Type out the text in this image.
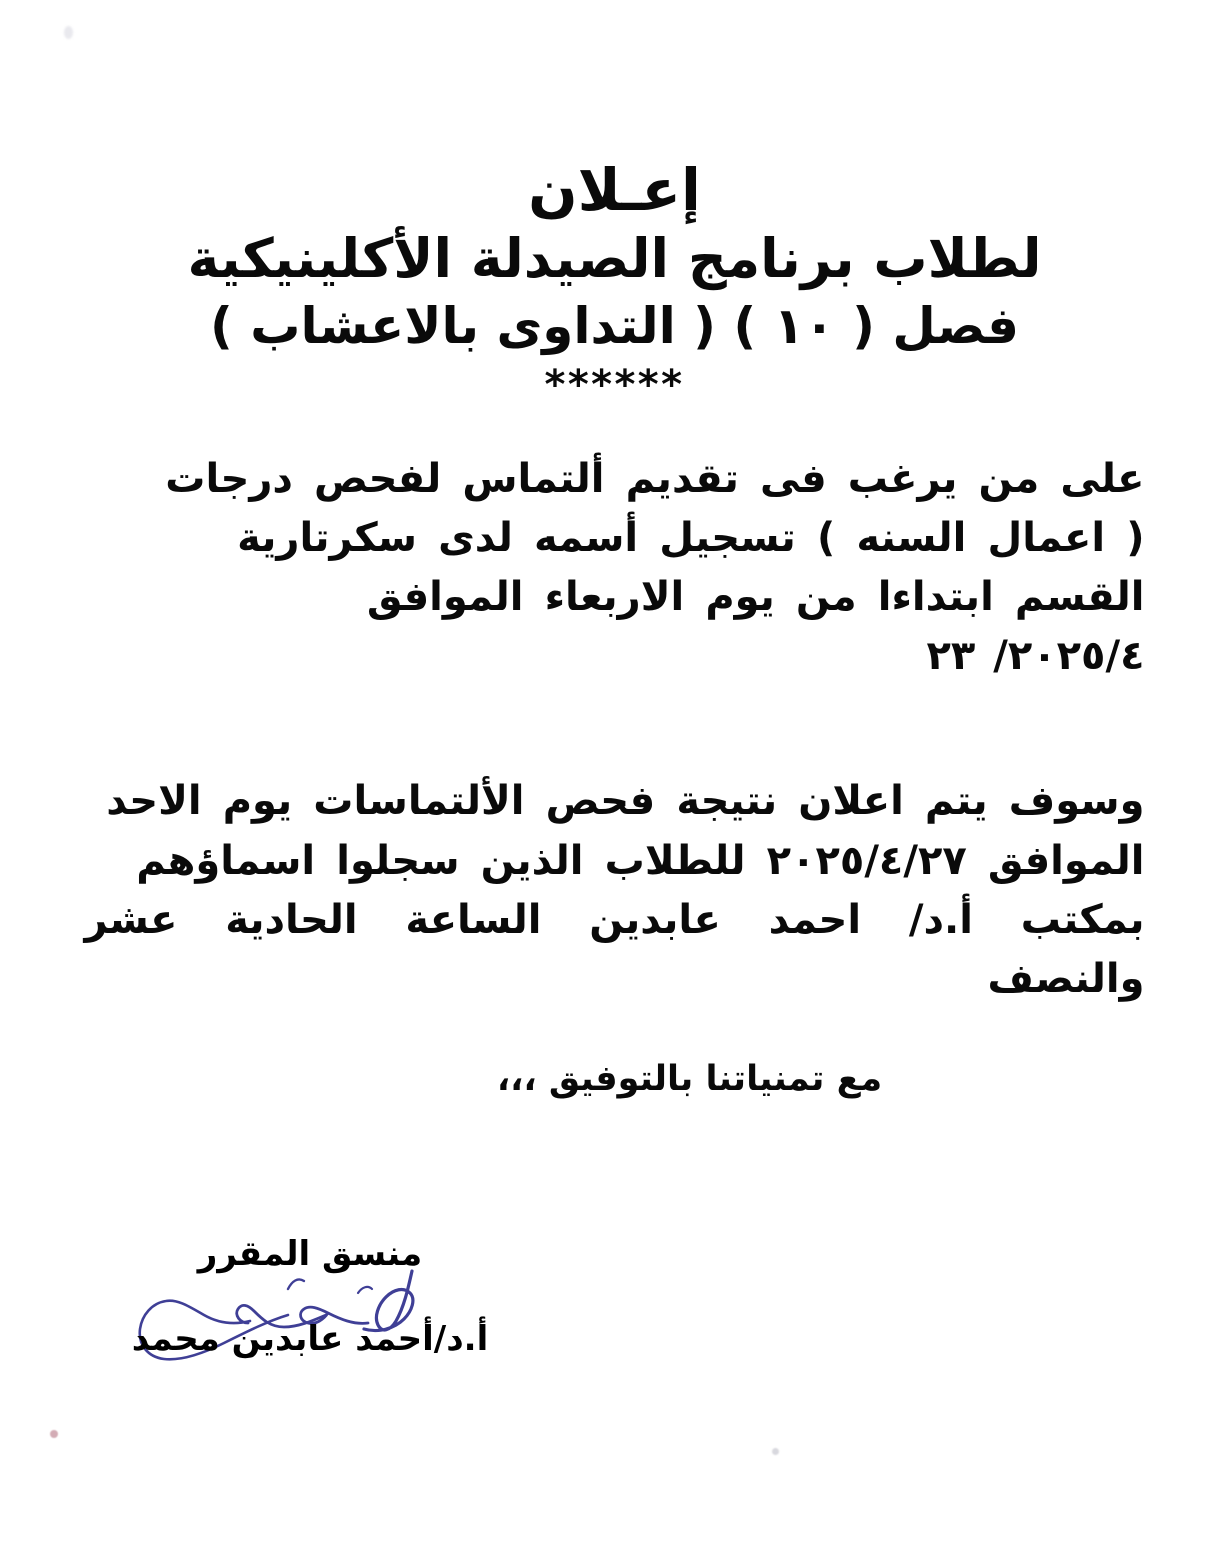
إعـلان
لطلاب برنامج الصيدلة الأكلينيكية
فصل ( ١٠ ) ( التداوى بالاعشاب )
******
على من يرغب فى تقديم ألتماس لفحص درجات
( اعمال السنه ) تسجيل أسمه لدى سكرتارية
القسم ابتداءا من يوم الاربعاء الموافق
٢٠٢٥/٤/ ٢٣
وسوف يتم اعلان نتيجة فحص الألتماسات يوم الاحد
الموافق ٢٠٢٥/٤/٢٧ للطلاب الذين سجلوا اسماؤهم
بمكتب أ.د/ احمد عابدين الساعة الحادية عشر والنصف
مع تمنياتنا بالتوفيق ،،،
منسق المقرر
أ.د/أحمد عابدين محمد
